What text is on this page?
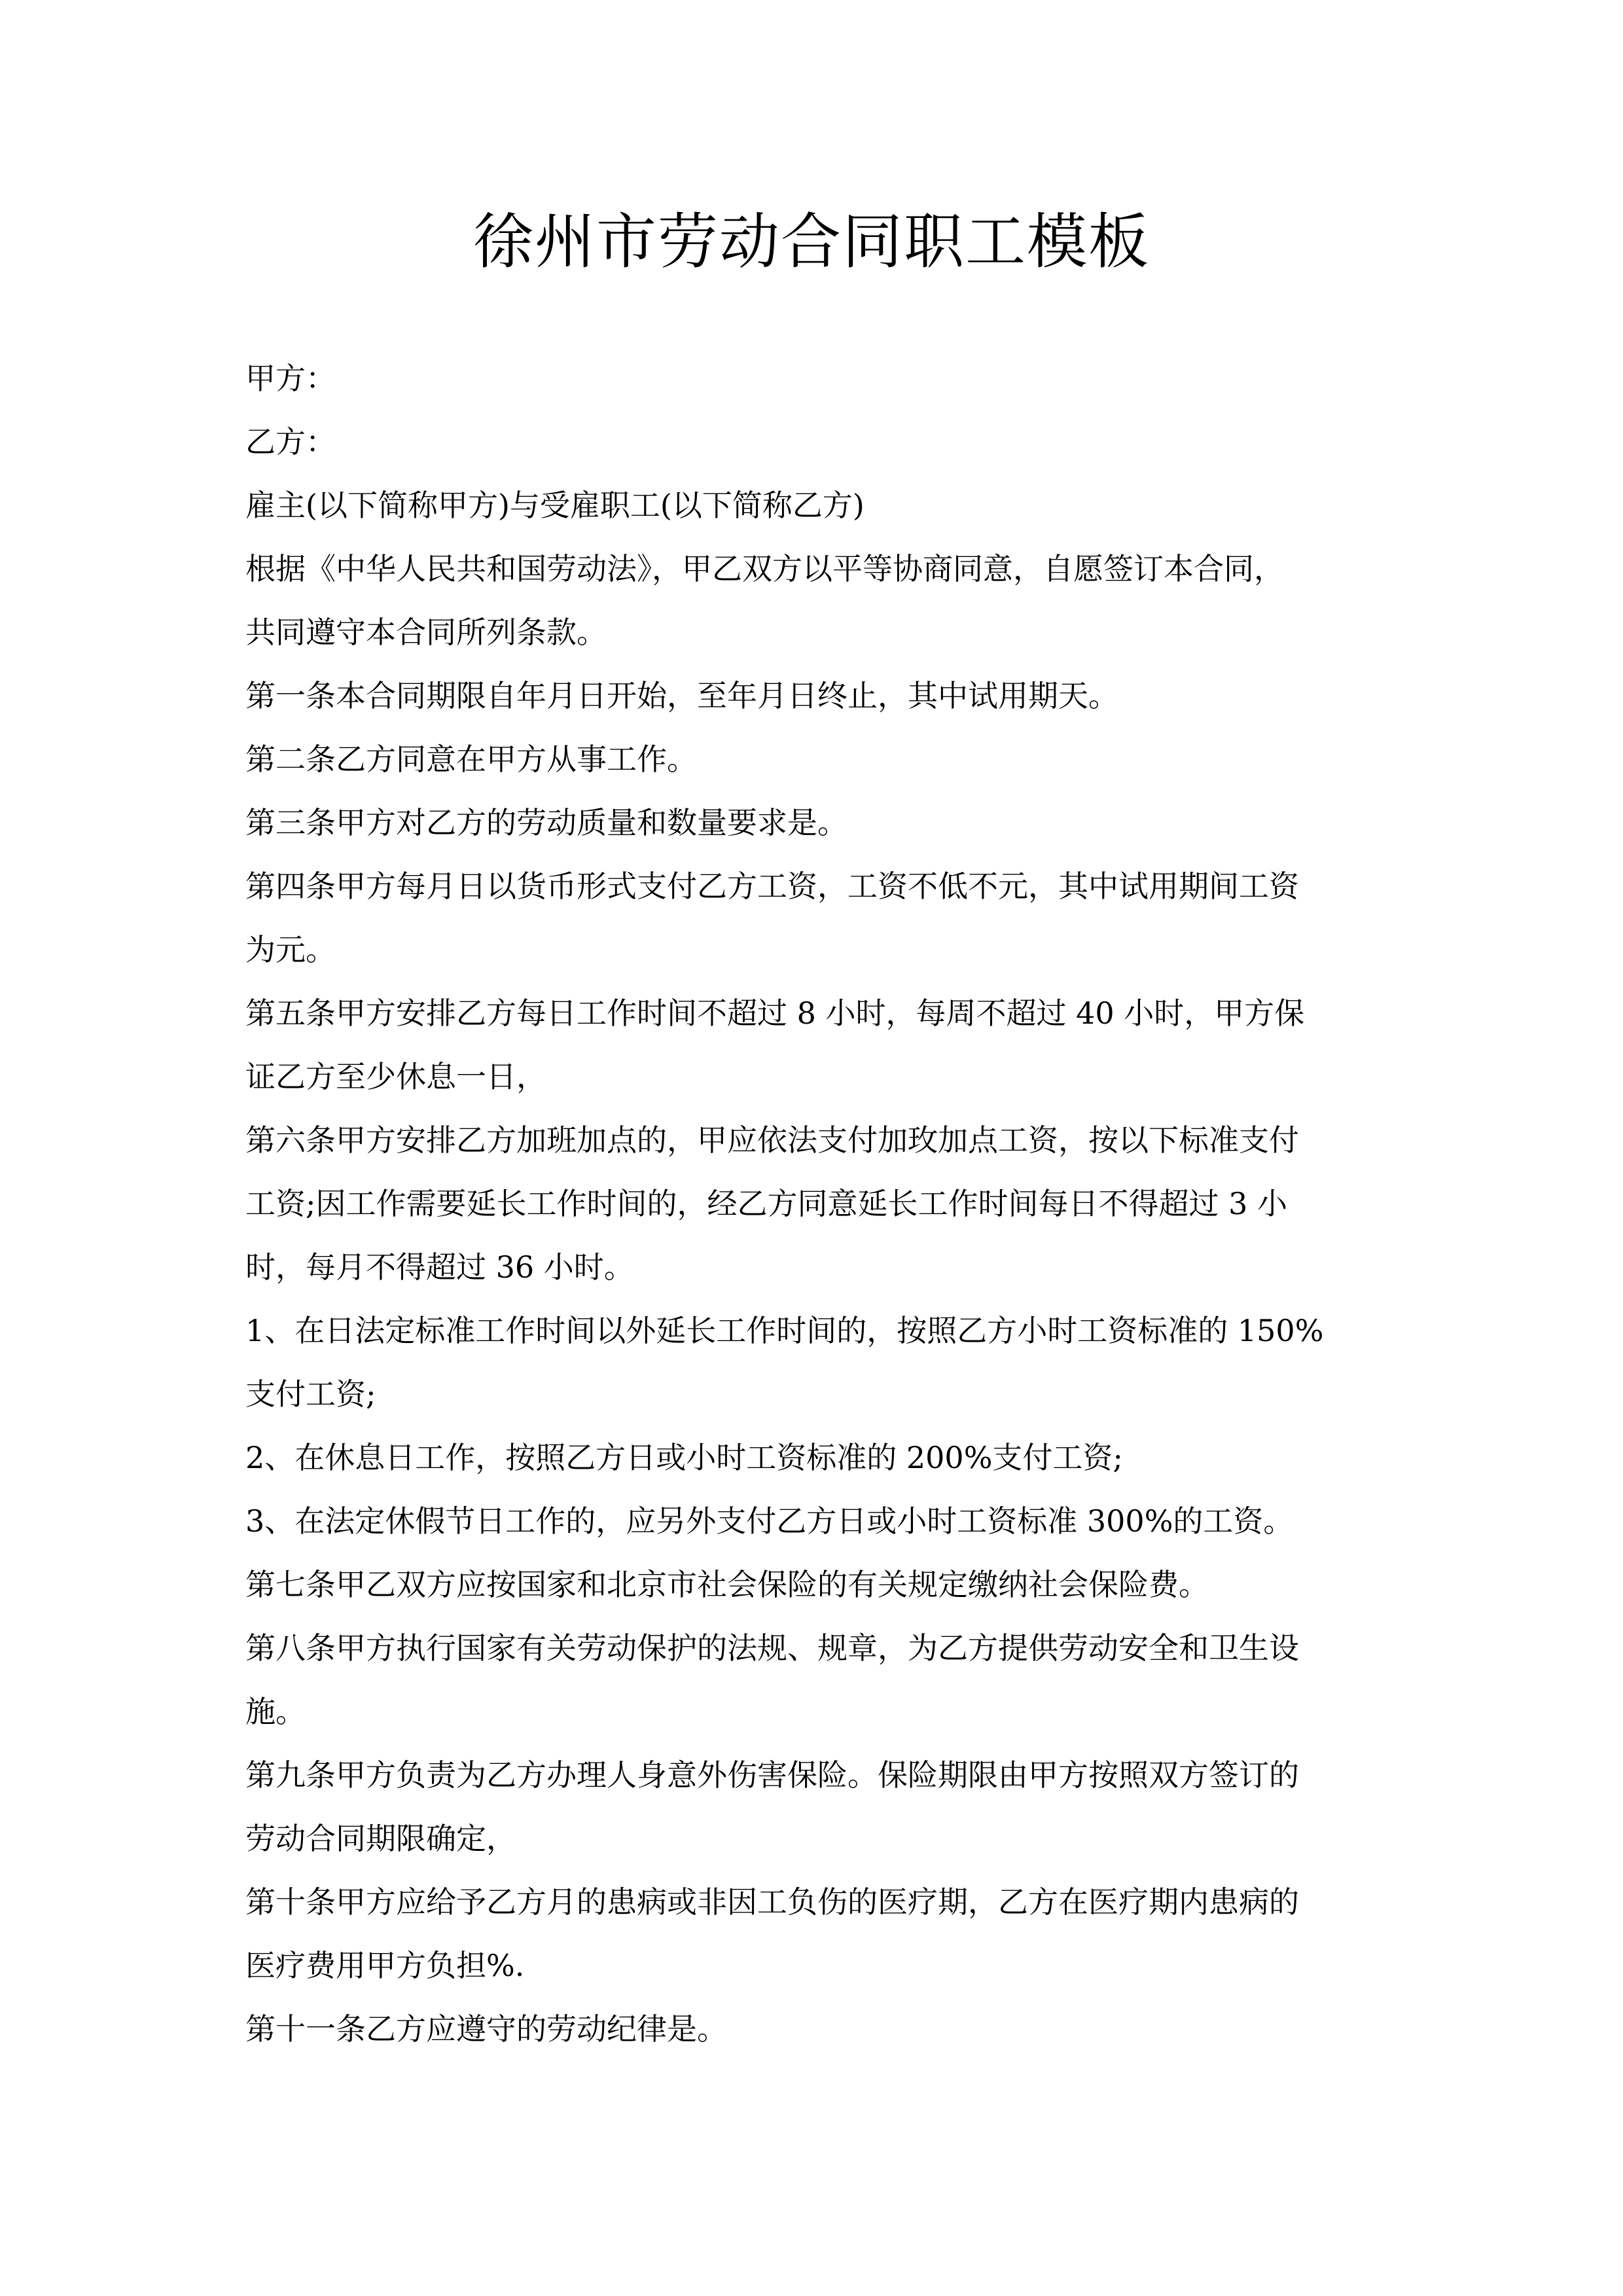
徐州市劳动合同职工模板

甲方：

乙方：

雇主(以下简称甲方)与受雇职工(以下简称乙方)

根据《中华人民共和国劳动法》，甲乙双方以平等协商同意，自愿签订本合同，

共同遵守本合同所列条款。

第一条本合同期限自年月日开始，至年月日终止，其中试用期天。

第二条乙方同意在甲方从事工作。

第三条甲方对乙方的劳动质量和数量要求是。

第四条甲方每月日以货币形式支付乙方工资，工资不低不元，其中试用期间工资

为元。

第五条甲方安排乙方每日工作时间不超过 8 小时，每周不超过 40 小时，甲方保

证乙方至少休息一日，

第六条甲方安排乙方加班加点的，甲应依法支付加玫加点工资，按以下标准支付

工资;因工作需要延长工作时间的，经乙方同意延长工作时间每日不得超过 3 小

时，每月不得超过 36 小时。

1、在日法定标准工作时间以外延长工作时间的，按照乙方小时工资标准的 150%

支付工资;

2、在休息日工作，按照乙方日或小时工资标准的 200%支付工资;

3、在法定休假节日工作的，应另外支付乙方日或小时工资标准 300%的工资。

第七条甲乙双方应按国家和北京市社会保险的有关规定缴纳社会保险费。

第八条甲方执行国家有关劳动保护的法规、规章，为乙方提供劳动安全和卫生设

施。

第九条甲方负责为乙方办理人身意外伤害保险。保险期限由甲方按照双方签订的

劳动合同期限确定，

第十条甲方应给予乙方月的患病或非因工负伤的医疗期，乙方在医疗期内患病的

医疗费用甲方负担%.

第十一条乙方应遵守的劳动纪律是。
